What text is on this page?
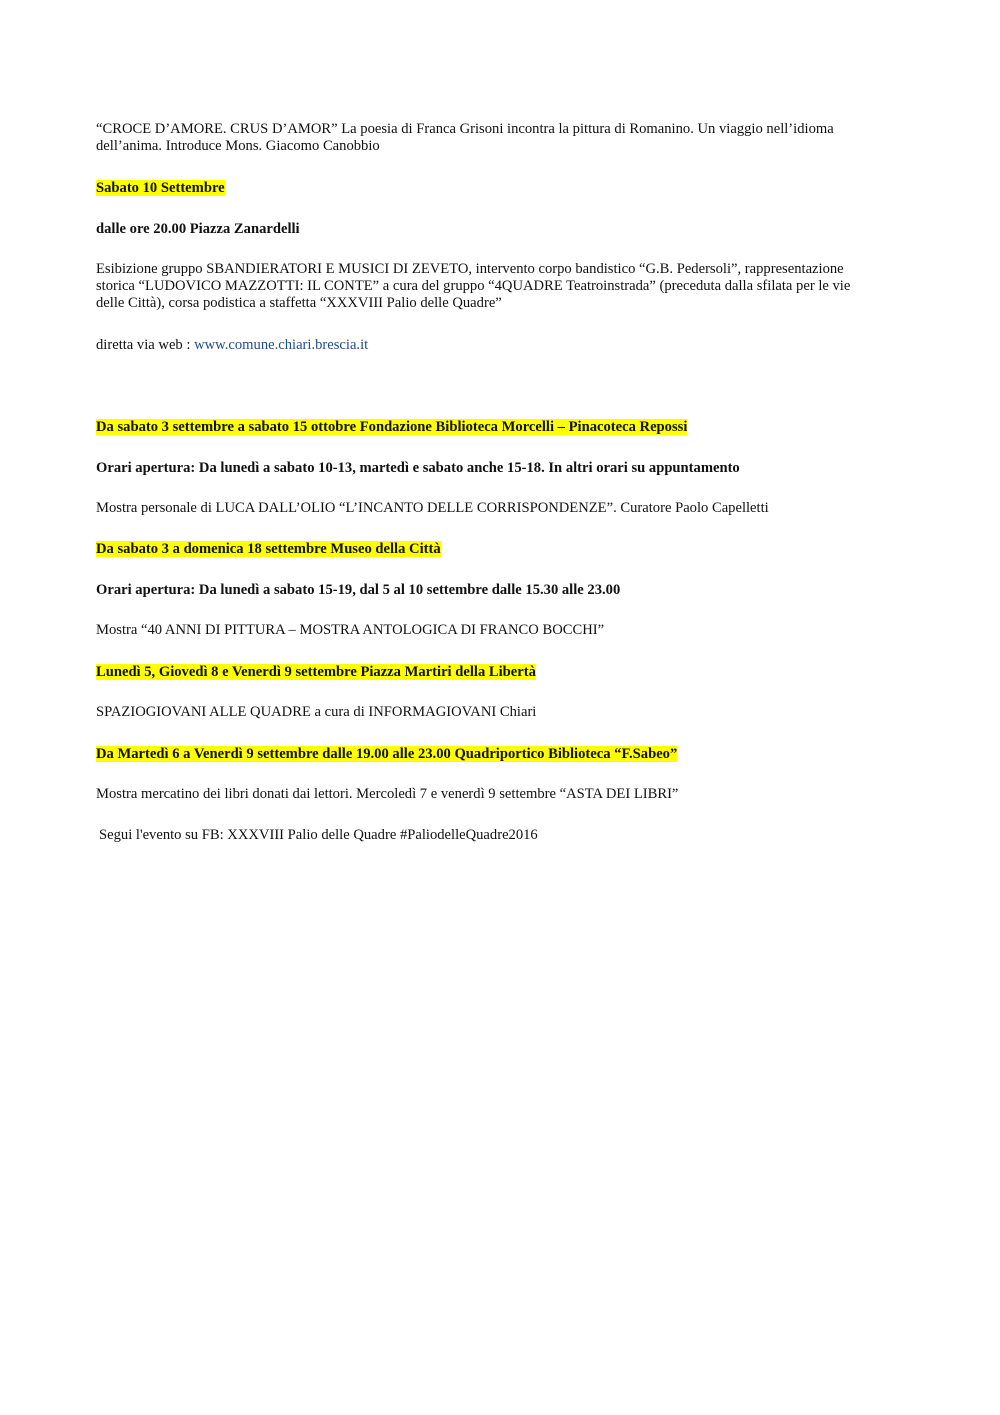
“CROCE D’AMORE. CRUS D’AMOR” La poesia di Franca Grisoni incontra la pittura di Romanino. Un viaggio nell’idioma
dell’anima. Introduce Mons. Giacomo Canobbio

Sabato 10 Settembre

dalle ore 20.00 Piazza Zanardelli

Esibizione gruppo SBANDIERATORI E MUSICI DI ZEVETO, intervento corpo bandistico “G.B. Pedersoli”, rappresentazione
storica “LUDOVICO MAZZOTTI: IL CONTE” a cura del gruppo “4QUADRE Teatroinstrada” (preceduta dalla sfilata per le vie
delle Città), corsa podistica a staffetta “XXXVIII Palio delle Quadre”

diretta via web : www.comune.chiari.brescia.it

Da sabato 3 settembre a sabato 15 ottobre Fondazione Biblioteca Morcelli – Pinacoteca Repossi

Orari apertura: Da lunedì a sabato 10-13, martedì e sabato anche 15-18. In altri orari su appuntamento

Mostra personale di LUCA DALL’OLIO “L’INCANTO DELLE CORRISPONDENZE”. Curatore Paolo Capelletti

Da sabato 3 a domenica 18 settembre Museo della Città

Orari apertura: Da lunedì a sabato 15-19, dal 5 al 10 settembre dalle 15.30 alle 23.00

Mostra “40 ANNI DI PITTURA – MOSTRA ANTOLOGICA DI FRANCO BOCCHI”

Lunedì 5, Giovedì 8 e Venerdì 9 settembre Piazza Martiri della Libertà

SPAZIOGIOVANI ALLE QUADRE a cura di INFORMAGIOVANI Chiari

Da Martedì 6 a Venerdì 9 settembre dalle 19.00 alle 23.00 Quadriportico Biblioteca “F.Sabeo”

Mostra mercatino dei libri donati dai lettori. Mercoledì 7 e venerdì 9 settembre “ASTA DEI LIBRI”

Segui l'evento su FB: XXXVIII Palio delle Quadre #PaliodelleQuadre2016
